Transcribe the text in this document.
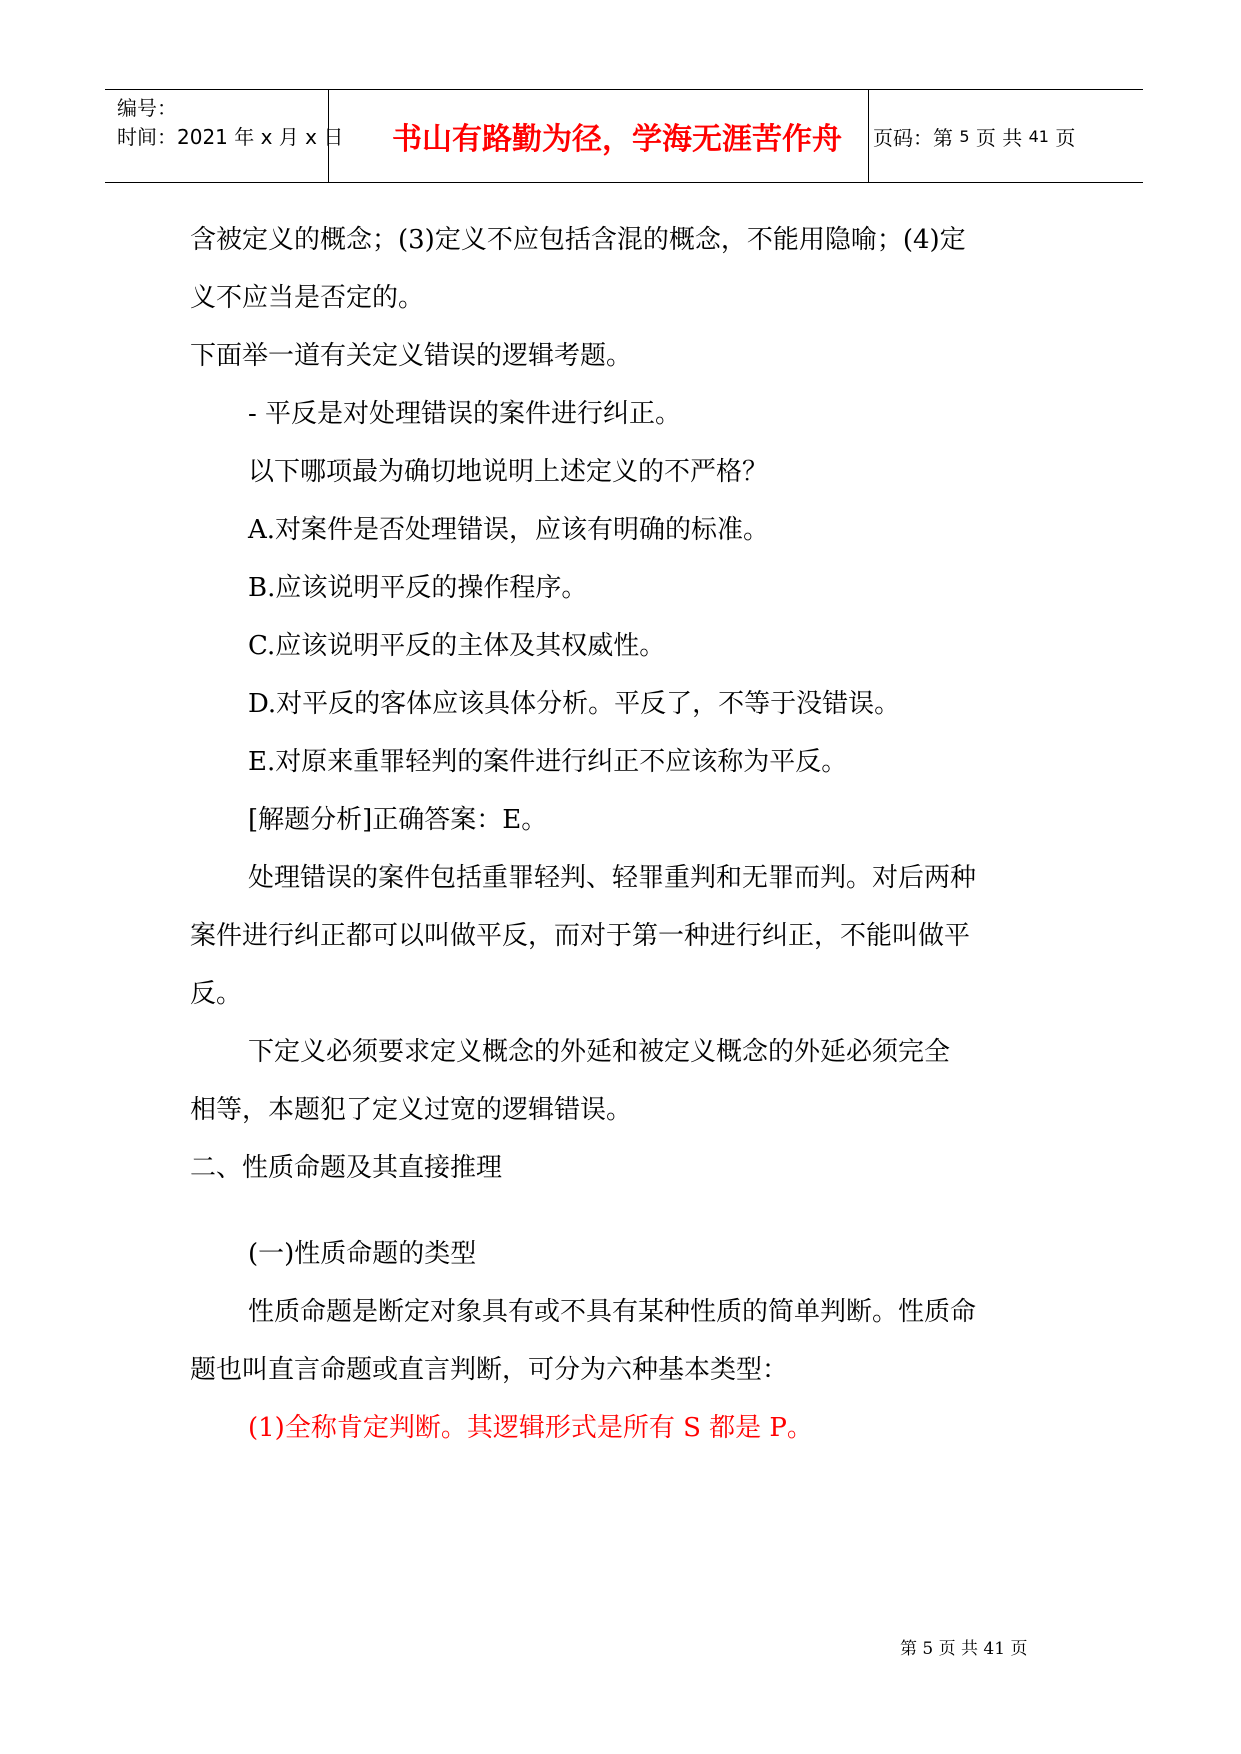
编号：
时间：2021 年 x 月 x 日	书山有路勤为径，学海无涯苦作舟	页码：第
5
页 共
41
页
含被定义的概念；(3)定义不应包括含混的概念，不能用隐喻；(4)定
义不应当是否定的。
下面举一道有关定义错误的逻辑考题。
- 平反是对处理错误的案件进行纠正。
以下哪项最为确切地说明上述定义的不严格？
A.对案件是否处理错误，应该有明确的标准。
B.应该说明平反的操作程序。
C.应该说明平反的主体及其权威性。
D.对平反的客体应该具体分析。平反了，不等于没错误。
E.对原来重罪轻判的案件进行纠正不应该称为平反。
[解题分析]正确答案：E。
处理错误的案件包括重罪轻判、轻罪重判和无罪而判。对后两种
案件进行纠正都可以叫做平反，而对于第一种进行纠正，不能叫做平
反。
下定义必须要求定义概念的外延和被定义概念的外延必须完全
相等，本题犯了定义过宽的逻辑错误。
二、性质命题及其直接推理
(一)性质命题的类型
性质命题是断定对象具有或不具有某种性质的简单判断。性质命
题也叫直言命题或直言判断，可分为六种基本类型：
(1)全称肯定判断。其逻辑形式是所有 S 都是 P。
第 5 页 共 41 页
